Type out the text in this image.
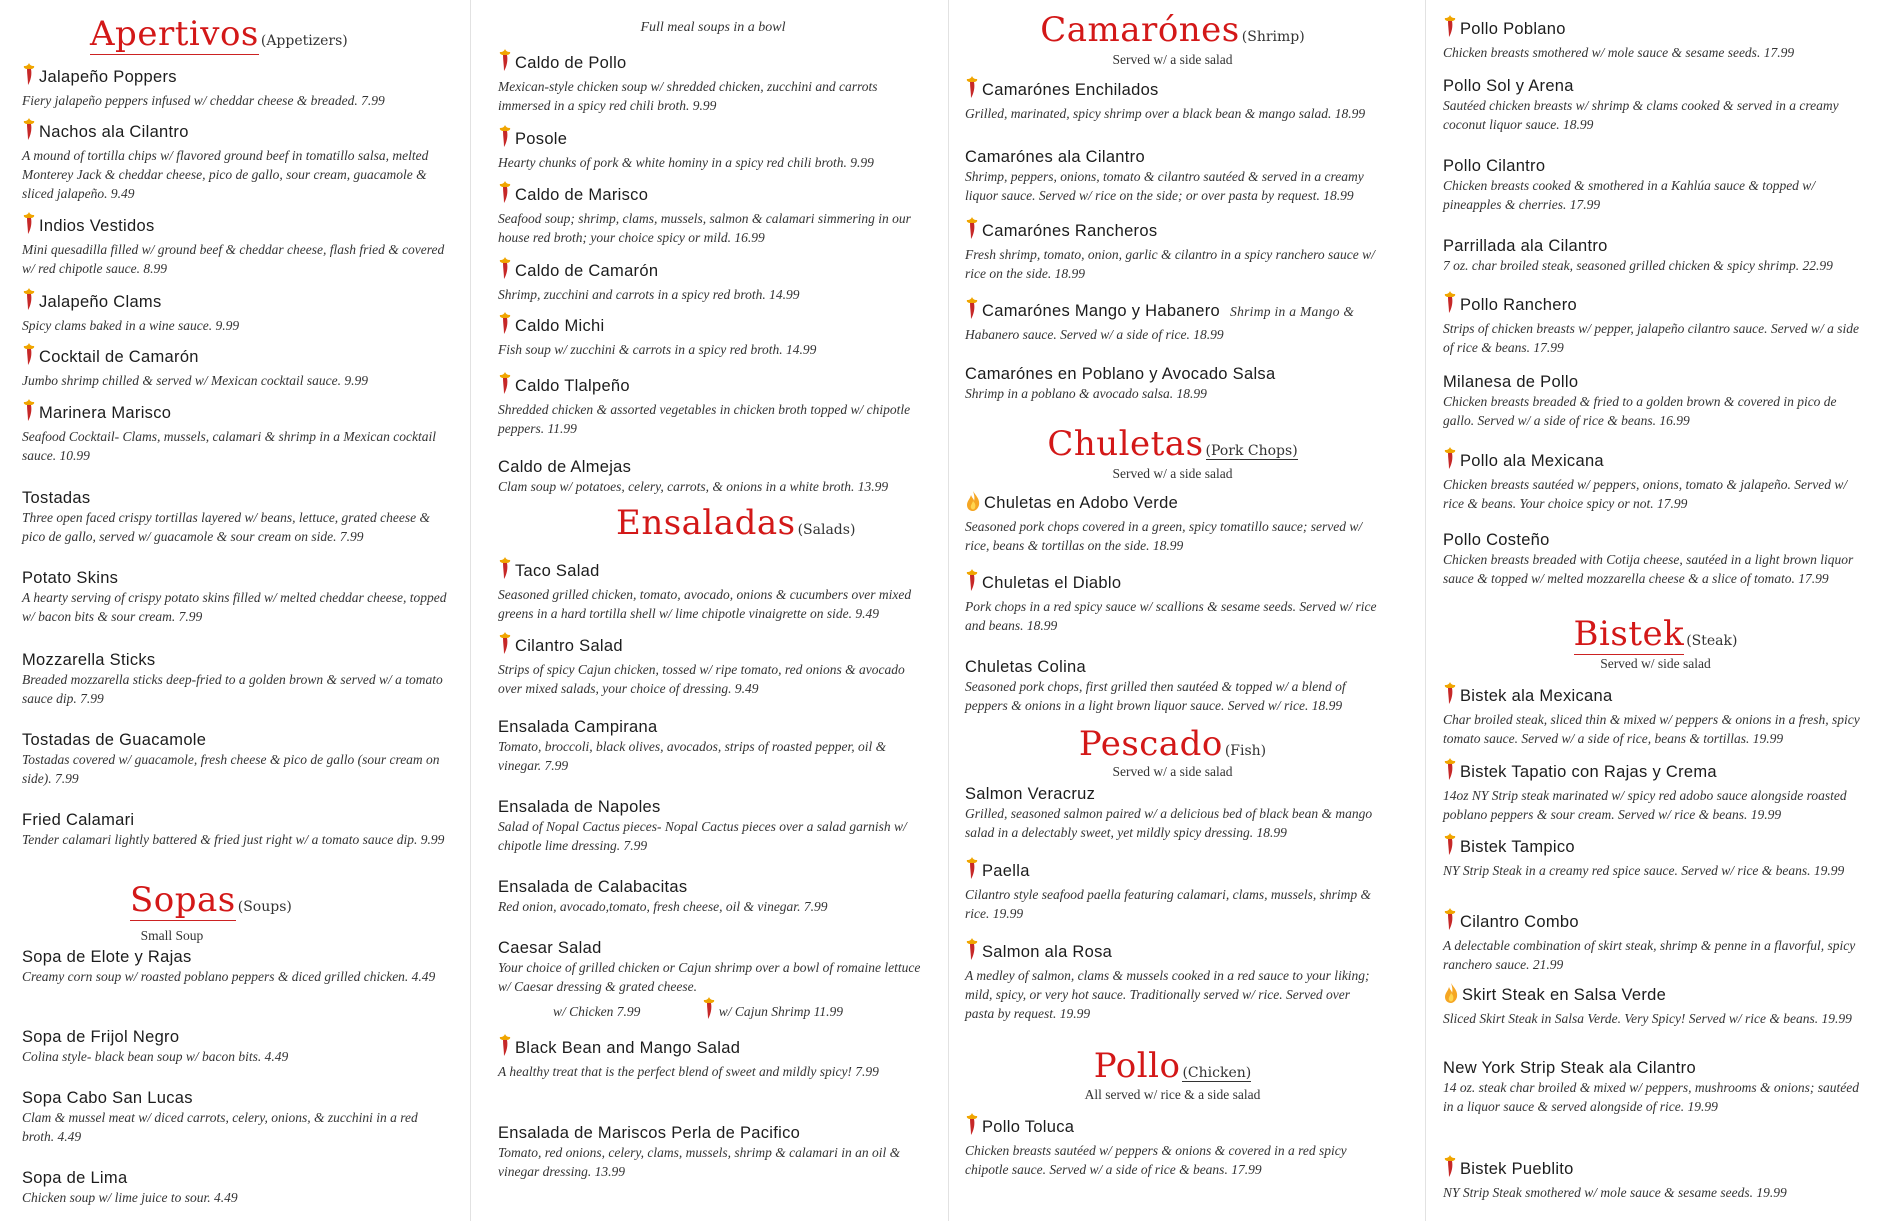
Apertivos (Appetizers)
Jalapeño Poppers
Fiery jalapeño peppers infused w/ cheddar cheese & breaded. 7.99
Nachos ala Cilantro
A mound of tortilla chips w/ flavored ground beef in tomatillo salsa, melted Monterey Jack & cheddar cheese, pico de gallo, sour cream, guacamole & sliced jalapeño. 9.49
Indios Vestidos
Mini quesadilla filled w/ ground beef & cheddar cheese, flash fried & covered w/ red chipotle sauce. 8.99
Jalapeño Clams
Spicy clams baked in a wine sauce. 9.99
Cocktail de Camarón
Jumbo shrimp chilled & served w/ Mexican cocktail sauce. 9.99
Marinera Marisco
Seafood Cocktail- Clams, mussels, calamari & shrimp in a Mexican cocktail sauce. 10.99
Tostadas
Three open faced crispy tortillas layered w/ beans, lettuce, grated cheese & pico de gallo, served w/ guacamole & sour cream on side. 7.99
Potato Skins
A hearty serving of crispy potato skins filled w/ melted cheddar cheese, topped w/ bacon bits & sour cream. 7.99
Mozzarella Sticks
Breaded mozzarella sticks deep-fried to a golden brown & served w/ a tomato sauce dip. 7.99
Tostadas de Guacamole
Tostadas covered w/ guacamole, fresh cheese & pico de gallo (sour cream on side). 7.99
Fried Calamari
Tender calamari lightly battered & fried just right w/ a tomato sauce dip. 9.99
Sopas (Soups)
Small Soup
Sopa de Elote y Rajas
Creamy corn soup w/ roasted poblano peppers & diced grilled chicken. 4.49
Sopa de Frijol Negro
Colina style- black bean soup w/ bacon bits. 4.49
Sopa Cabo San Lucas
Clam & mussel meat w/ diced carrots, celery, onions, & zucchini in a red broth. 4.49
Sopa de Lima
Chicken soup w/ lime juice to sour. 4.49
Full meal soups in a bowl
Caldo de Pollo
Mexican-style chicken soup w/ shredded chicken, zucchini and carrots immersed in a spicy red chili broth. 9.99
Posole
Hearty chunks of pork & white hominy in a spicy red chili broth. 9.99
Caldo de Marisco
Seafood soup; shrimp, clams, mussels, salmon & calamari simmering in our house red broth; your choice spicy or mild. 16.99
Caldo de Camarón
Shrimp, zucchini and carrots in a spicy red broth. 14.99
Caldo Michi
Fish soup w/ zucchini & carrots in a spicy red broth. 14.99
Caldo Tlalpeño
Shredded chicken & assorted vegetables in chicken broth topped w/ chipotle peppers. 11.99
Caldo de Almejas
Clam soup w/ potatoes, celery, carrots, & onions in a white broth. 13.99
Ensaladas (Salads)
Taco Salad
Seasoned grilled chicken, tomato, avocado, onions & cucumbers over mixed greens in a hard tortilla shell w/ lime chipotle vinaigrette on side. 9.49
Cilantro Salad
Strips of spicy Cajun chicken, tossed w/ ripe tomato, red onions & avocado over mixed salads, your choice of dressing. 9.49
Ensalada Campirana
Tomato, broccoli, black olives, avocados, strips of roasted pepper, oil & vinegar. 7.99
Ensalada de Napoles
Salad of Nopal Cactus pieces- Nopal Cactus pieces over a salad garnish w/ chipotle lime dressing. 7.99
Ensalada de Calabacitas
Red onion, avocado,tomato, fresh cheese, oil & vinegar. 7.99
Caesar Salad
Your choice of grilled chicken or Cajun shrimp over a bowl of romaine lettuce w/ Caesar dressing & grated cheese.
w/ Chicken 7.99	w/ Cajun Shrimp 11.99
Black Bean and Mango Salad
A healthy treat that is the perfect blend of sweet and mildly spicy! 7.99
Ensalada de Mariscos Perla de Pacifico
Tomato, red onions, celery, clams, mussels, shrimp & calamari in an oil & vinegar dressing. 13.99
Camarónes (Shrimp)
Served w/ a side salad
Camarónes Enchilados
Grilled, marinated, spicy shrimp over a black bean & mango salad. 18.99
Camarónes ala Cilantro
Shrimp, peppers, onions, tomato & cilantro sautéed & served in a creamy liquor sauce. Served w/ rice on the side; or over pasta by request. 18.99
Camarónes Rancheros
Fresh shrimp, tomato, onion, garlic & cilantro in a spicy ranchero sauce w/ rice on the side. 18.99
Camarónes Mango y Habanero Shrimp in a Mango &
Habanero sauce. Served w/ a side of rice. 18.99
Camarónes en Poblano y Avocado Salsa
Shrimp in a poblano & avocado salsa. 18.99
Chuletas (Pork Chops)
Served w/ a side salad
Chuletas en Adobo Verde
Seasoned pork chops covered in a green, spicy tomatillo sauce; served w/ rice, beans & tortillas on the side. 18.99
Chuletas el Diablo
Pork chops in a red spicy sauce w/ scallions & sesame seeds. Served w/ rice and beans. 18.99
Chuletas Colina
Seasoned pork chops, first grilled then sautéed & topped w/ a blend of peppers & onions in a light brown liquor sauce. Served w/ rice. 18.99
Pescado (Fish)
Served w/ a side salad
Salmon Veracruz
Grilled, seasoned salmon paired w/ a delicious bed of black bean & mango salad in a delectably sweet, yet mildly spicy dressing. 18.99
Paella
Cilantro style seafood paella featuring calamari, clams, mussels, shrimp & rice. 19.99
Salmon ala Rosa
A medley of salmon, clams & mussels cooked in a red sauce to your liking; mild, spicy, or very hot sauce. Traditionally served w/ rice. Served over pasta by request. 19.99
Pollo (Chicken)
All served w/ rice & a side salad
Pollo Toluca
Chicken breasts sautéed w/ peppers & onions & covered in a red spicy chipotle sauce. Served w/ a side of rice & beans. 17.99
Pollo Poblano
Chicken breasts smothered w/ mole sauce & sesame seeds. 17.99
Pollo Sol y Arena
Sautéed chicken breasts w/ shrimp & clams cooked & served in a creamy coconut liquor sauce. 18.99
Pollo Cilantro
Chicken breasts cooked & smothered in a Kahlúa sauce & topped w/ pineapples & cherries. 17.99
Parrillada ala Cilantro
7 oz. char broiled steak, seasoned grilled chicken & spicy shrimp. 22.99
Pollo Ranchero
Strips of chicken breasts w/ pepper, jalapeño cilantro sauce. Served w/ a side of rice & beans. 17.99
Milanesa de Pollo
Chicken breasts breaded & fried to a golden brown & covered in pico de gallo. Served w/ a side of rice & beans. 16.99
Pollo ala Mexicana
Chicken breasts sautéed w/ peppers, onions, tomato & jalapeño. Served w/ rice & beans. Your choice spicy or not. 17.99
Pollo Costeño
Chicken breasts breaded with Cotija cheese, sautéed in a light brown liquor sauce & topped w/ melted mozzarella cheese & a slice of tomato. 17.99
Bistek (Steak)
Served w/ side salad
Bistek ala Mexicana
Char broiled steak, sliced thin & mixed w/ peppers & onions in a fresh, spicy tomato sauce. Served w/ a side of rice, beans & tortillas. 19.99
Bistek Tapatio con Rajas y Crema
14oz NY Strip steak marinated w/ spicy red adobo sauce alongside roasted poblano peppers & sour cream. Served w/ rice & beans. 19.99
Bistek Tampico
NY Strip Steak in a creamy red spice sauce. Served w/ rice & beans. 19.99
Cilantro Combo
A delectable combination of skirt steak, shrimp & penne in a flavorful, spicy ranchero sauce. 21.99
Skirt Steak en Salsa Verde
Sliced Skirt Steak in Salsa Verde. Very Spicy! Served w/ rice & beans. 19.99
New York Strip Steak ala Cilantro
14 oz. steak char broiled & mixed w/ peppers, mushrooms & onions; sautéed in a liquor sauce & served alongside of rice. 19.99
Bistek Pueblito
NY Strip Steak smothered w/ mole sauce & sesame seeds. 19.99
